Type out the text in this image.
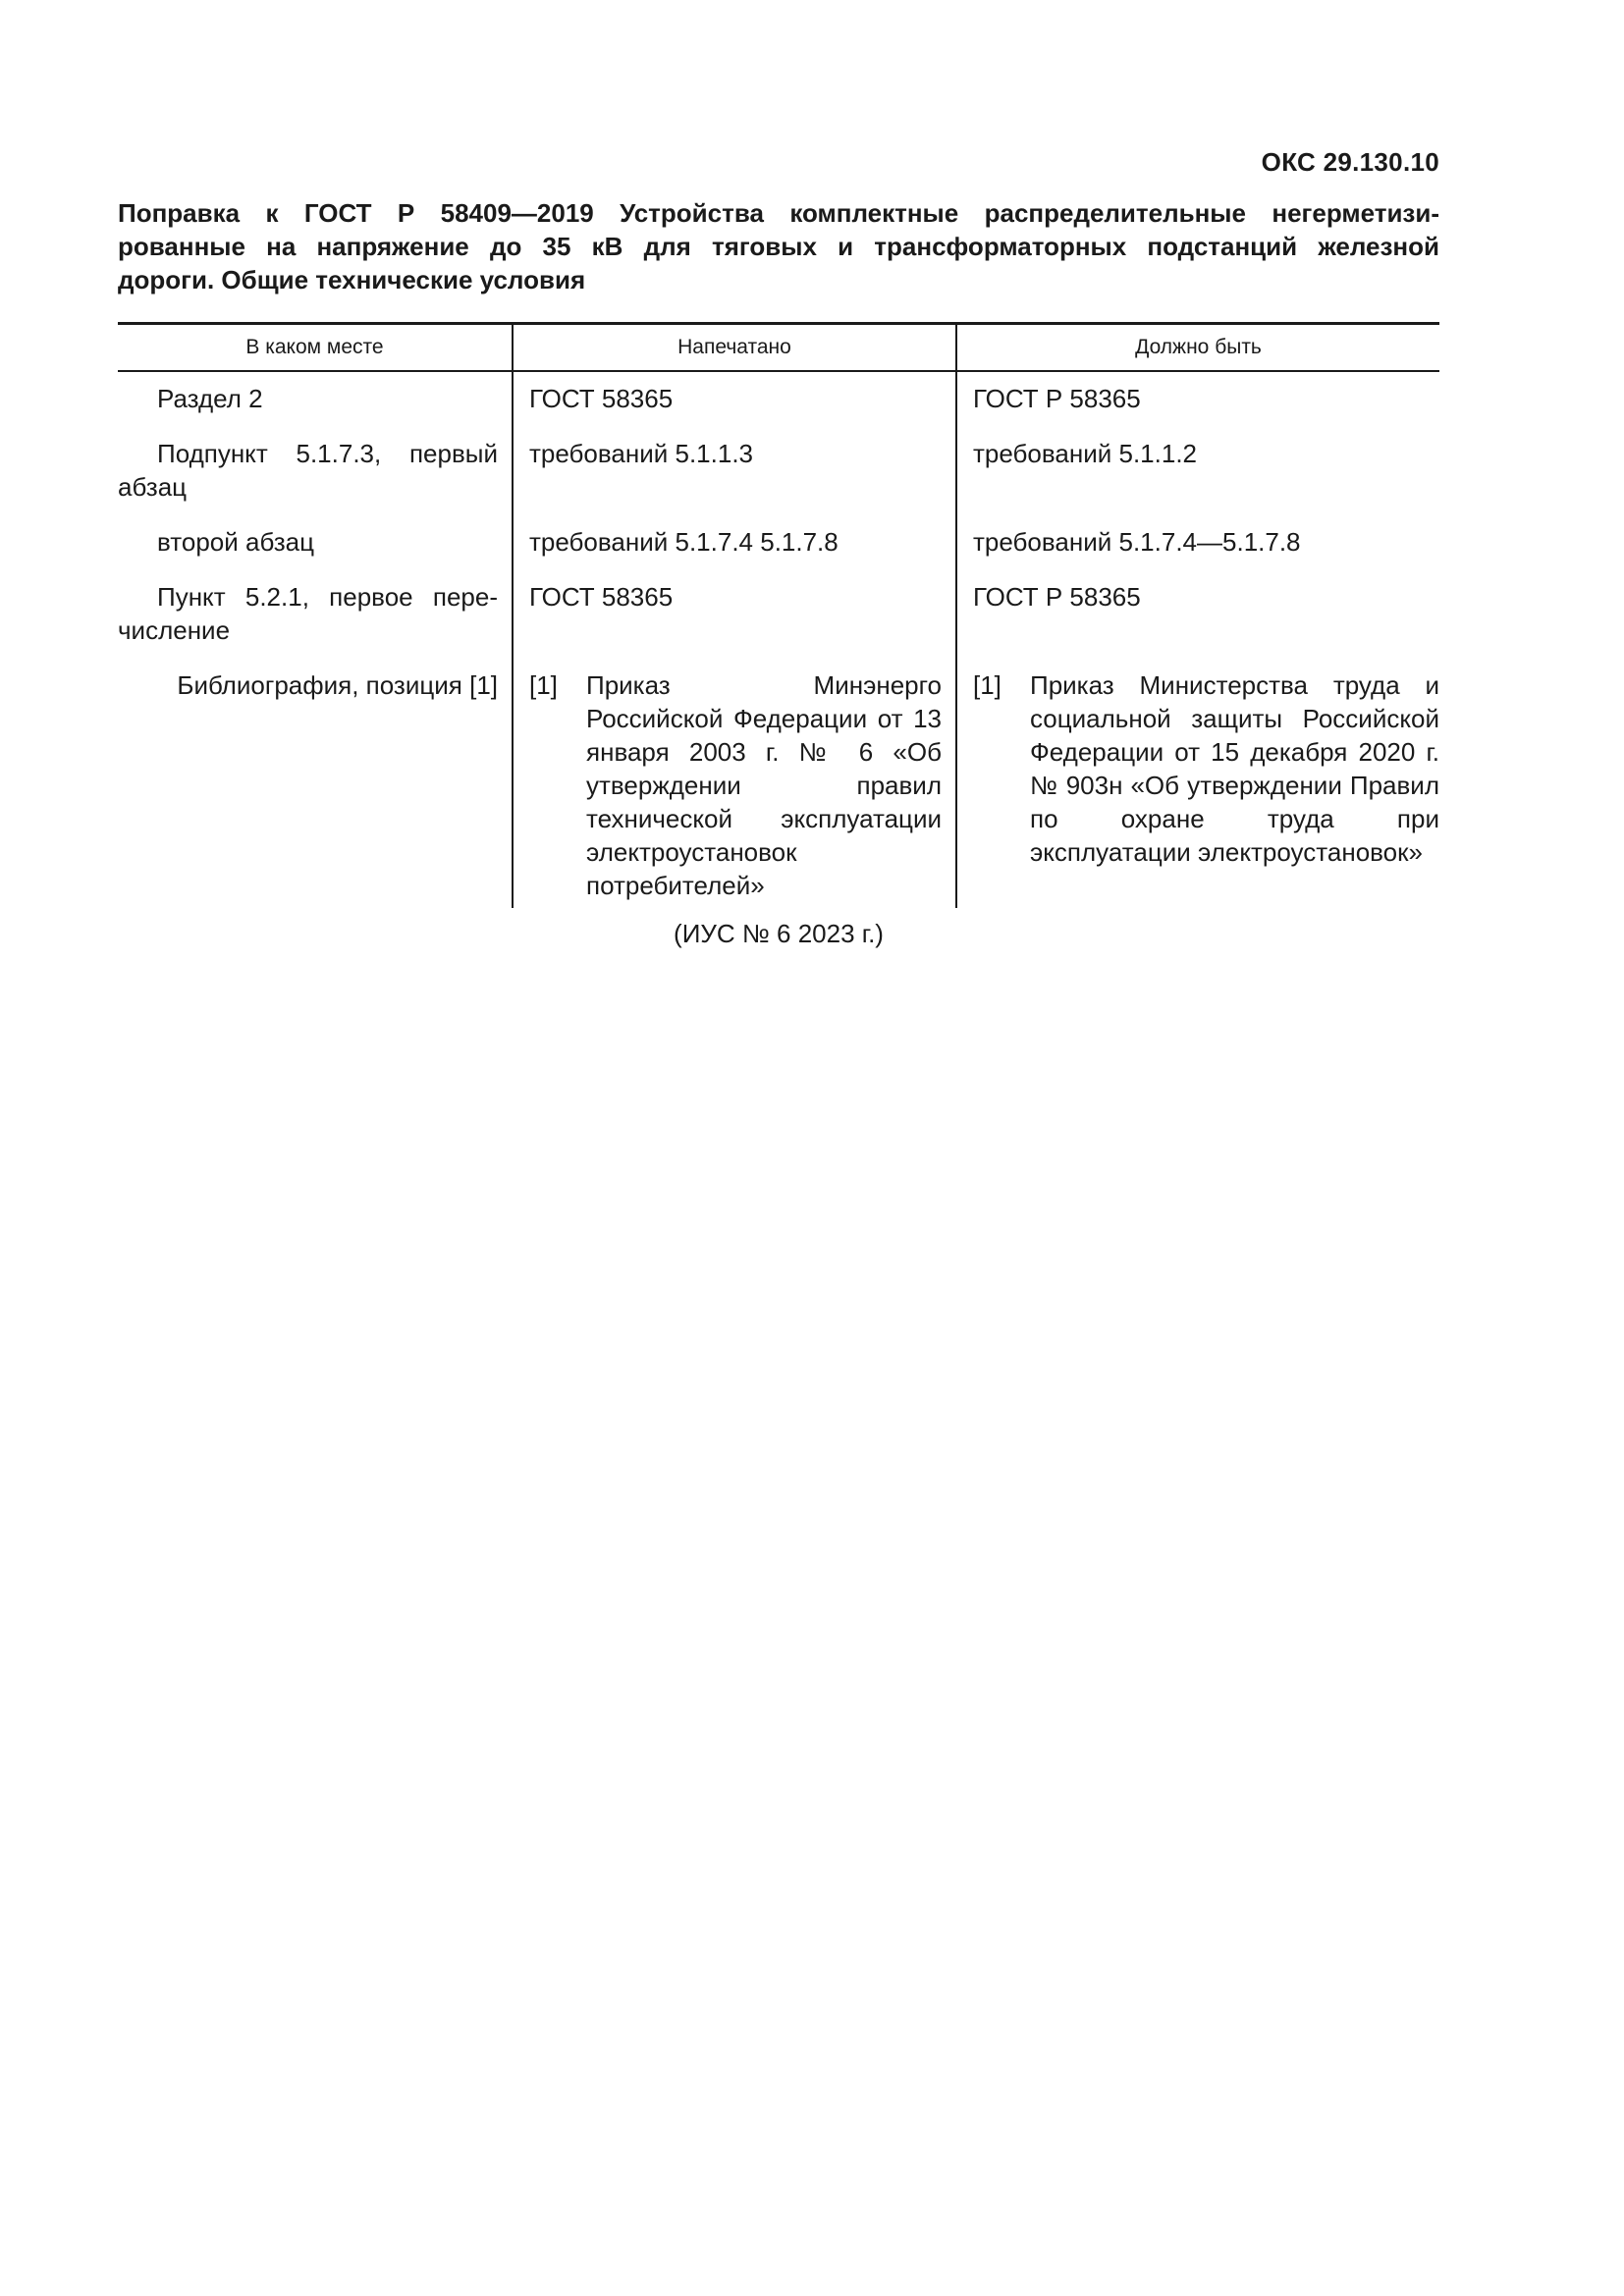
ОКС 29.130.10
Поправка к ГОСТ Р 58409—2019 Устройства комплектные распределительные негерметизи-
рованные на напряжение до 35 кВ для тяговых и трансформаторных подстанций железной
дороги. Общие технические условия
В каком месте	Напечатано	Должно быть
Раздел 2	ГОСТ 58365	ГОСТ Р 58365
Подпункт 5.1.7.3, первый абзац	требований 5.1.1.3	требований 5.1.1.2
второй абзац	требований 5.1.7.4 5.1.7.8	требований 5.1.7.4—5.1.7.8
Пункт 5.2.1, первое пере-числение	ГОСТ 58365	ГОСТ Р 58365
Библиография, позиция [1]	[1] Приказ Минэнерго Российской Федерации от 13 января 2003 г. № 6 «Об утверждении правил технической эксплуатации электроустановок потребителей»	[1] Приказ Министерства труда и социальной защиты Российской Федерации от 15 декабря 2020 г. № 903н «Об утверждении Правил по охране труда при эксплуатации электроустановок»
(ИУС № 6 2023 г.)
